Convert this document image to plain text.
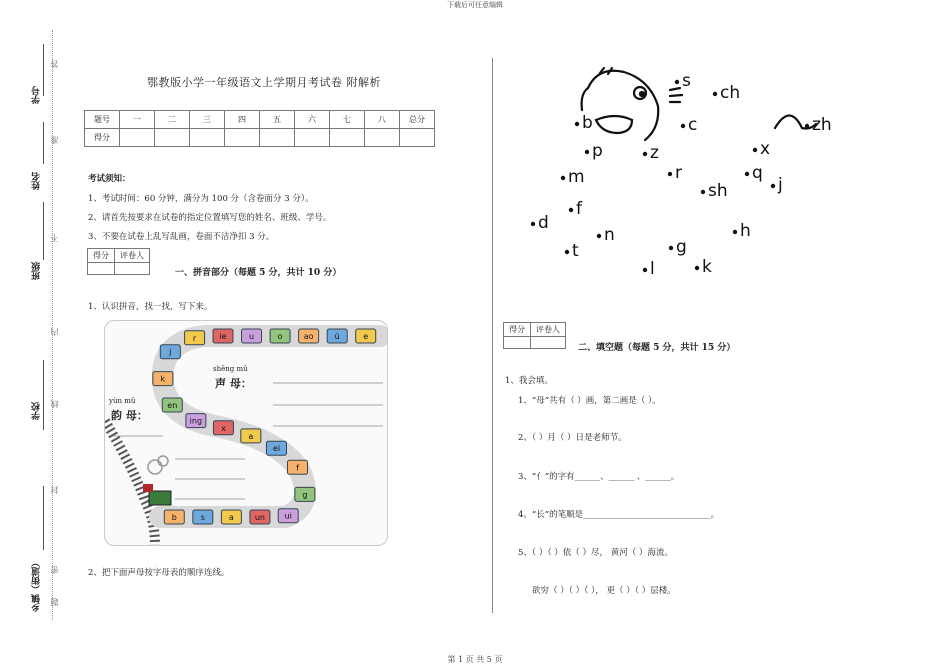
下载后可任意编辑
学号
姓名
班级
学校
乡镇（街道）
答
准
不
内
线
封
密
题
鄂教版小学一年级语文上学期月考试卷 附解析
题号	一	二	三	四	五	六	七	八	总分
得分									
考试须知：
1、考试时间：60 分钟，满分为 100 分（含卷面分 3 分）。
2、请首先按要求在试卷的指定位置填写您的姓名、班级、学号。
3、不要在试卷上乱写乱画，卷面不洁净扣 3 分。
得分	评卷人

一、拼音部分（每题 5 分，共计 10 分）
1、认识拼音，找一找，写下来。
e
ü
ao
o
u
ie
r
j
k
en
ing
x
a
ei
f
g
ui
un
a
s
b
shēng mǔ
声 母：
yùn mǔ
韵 母：
2、把下面声母按字母表的顺序连线。
s
ch
b	c	zh
p	z	x
m	r	q
j
sh
f
d
n	h
t	g
l	k
得分	评卷人

二、填空题（每题 5 分，共计 15 分）
1、我会填。
1、“母”共有（ ）画，第二画是（ ）。
2、（ ）月（ ）日是老师节。
3、“亻”的字有______、______ 、______。
4、“长”的笔顺是______________________________。
5、（ ）（ ）依（ ）尽， 黄河（ ）海流。
欲穷（ ）（ ）（ ）， 更（ ）（ ）层楼。
第 1 页 共 5 页
